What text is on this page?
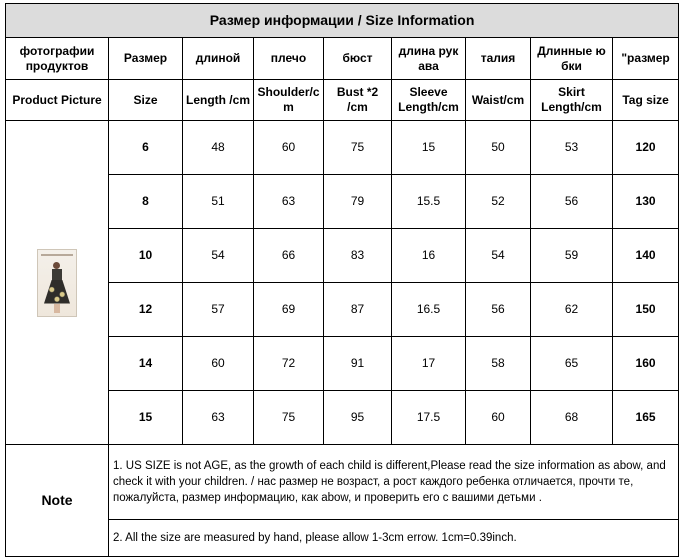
Размер информации / Size Information								
фотографии продуктов	Размер	длиной	плечо	бюст	длина рук ава	талия	Длинные ю бки	"размер
Product Picture	Size	Length /cm	Shoulder/c m	Bust *2 /cm	Sleeve Length/cm	Waist/cm	Skirt Length/cm	Tag size

	6	48	60	75	15	50	53	120
	8	51	63	79	15.5	52	56	130
	10	54	66	83	16	54	59	140
	12	57	69	87	16.5	56	62	150
	14	60	72	91	17	58	65	160
	15	63	75	95	17.5	60	68	165
Note	1. US SIZE is not AGE, as the growth of each child is different,Please read the size information as abow, and check it with your children. / нас размер не возраст, а рост каждого ребенка отличается, прочти те, пожалуйста, размер информацию, как abow, и проверить его с вашими детьми .							
	2. All the size are measured by hand, please allow 1-3cm errow. 1cm=0.39inch.							
